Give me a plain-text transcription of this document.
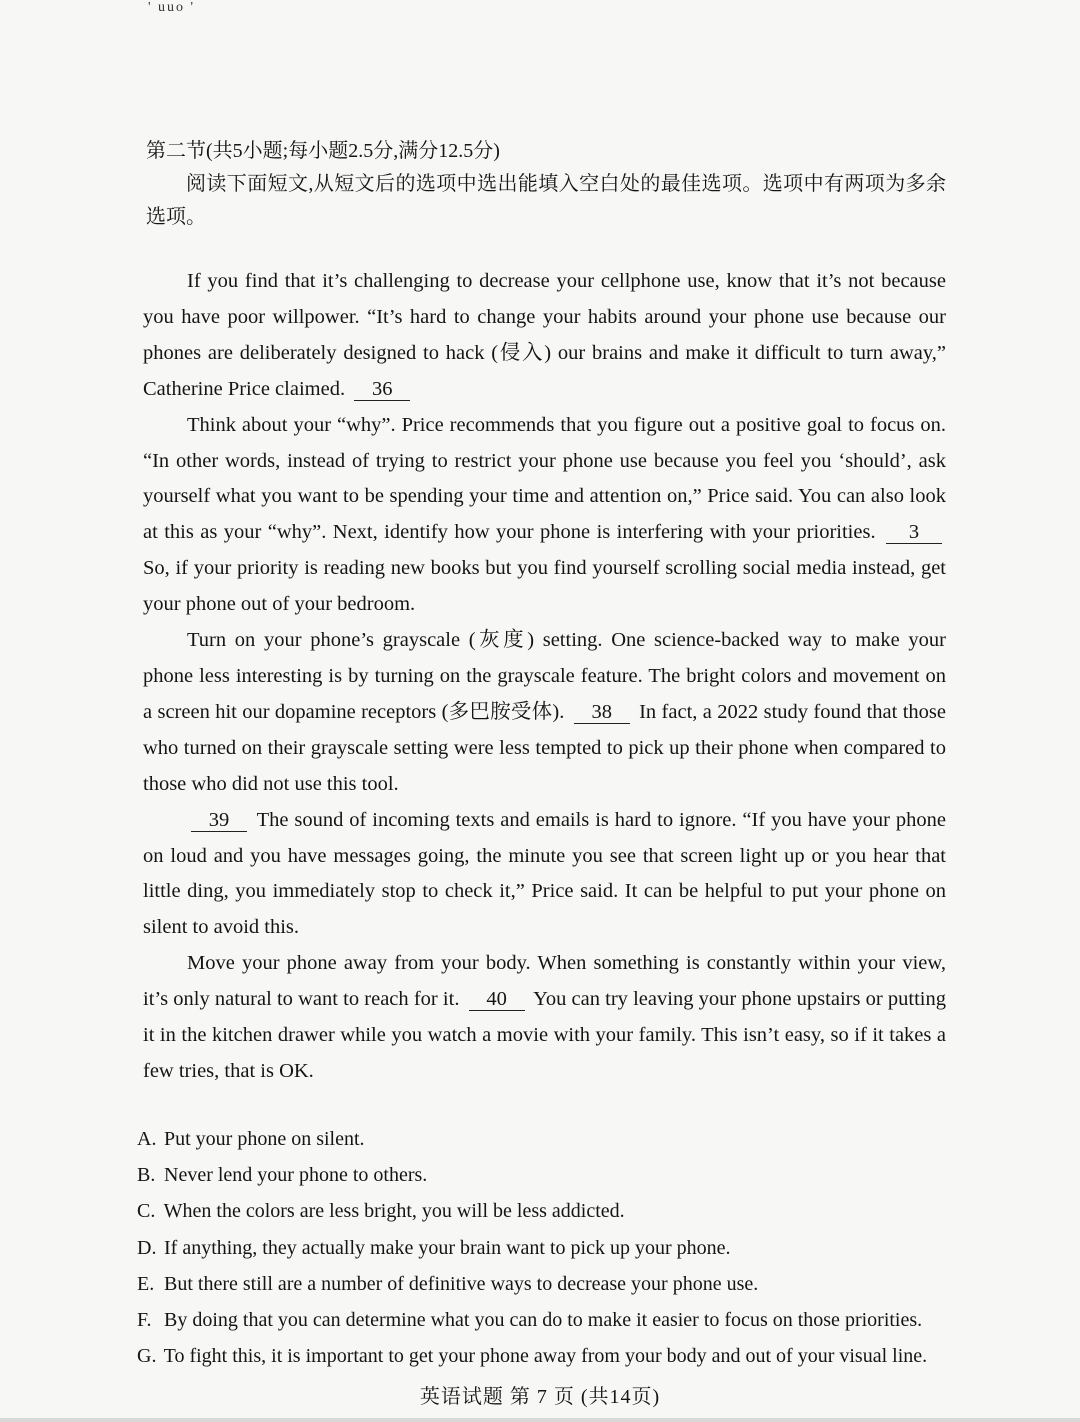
' uuo '
第二节(共5小题;每小题2.5分,满分12.5分)
阅读下面短文,从短文后的选项中选出能填入空白处的最佳选项。选项中有两项为多余选项。

If you find that it’s challenging to decrease your cellphone use, know that it’s not because you have poor willpower. “It’s hard to change your habits around your phone use because our phones are deliberately designed to hack (侵入) our brains and make it difficult to turn away,” Catherine Price claimed. 36

Think about your “why”. Price recommends that you figure out a positive goal to focus on. “In other words, instead of trying to restrict your phone use because you feel you ‘should’, ask yourself what you want to be spending your time and attention on,” Price said. You can also look at this as your “why”. Next, identify how your phone is interfering with your priorities. 3 So, if your priority is reading new books but you find yourself scrolling social media instead, get your phone out of your bedroom.

Turn on your phone’s grayscale (灰度) setting. One science-backed way to make your phone less interesting is by turning on the grayscale feature. The bright colors and movement on a screen hit our dopamine receptors (多巴胺受体). 38 In fact, a 2022 study found that those who turned on their grayscale setting were less tempted to pick up their phone when compared to those who did not use this tool.

39 The sound of incoming texts and emails is hard to ignore. “If you have your phone on loud and you have messages going, the minute you see that screen light up or you hear that little ding, you immediately stop to check it,” Price said. It can be helpful to put your phone on silent to avoid this.

Move your phone away from your body. When something is constantly within your view, it’s only natural to want to reach for it. 40 You can try leaving your phone upstairs or putting it in the kitchen drawer while you watch a movie with your family. This isn’t easy, so if it takes a few tries, that is OK.

A. Put your phone on silent.
B. Never lend your phone to others.
C. When the colors are less bright, you will be less addicted.
D. If anything, they actually make your brain want to pick up your phone.
E. But there still are a number of definitive ways to decrease your phone use.
F. By doing that you can determine what you can do to make it easier to focus on those priorities.
G. To fight this, it is important to get your phone away from your body and out of your visual line.
英语试题 第 7 页 (共14页)
